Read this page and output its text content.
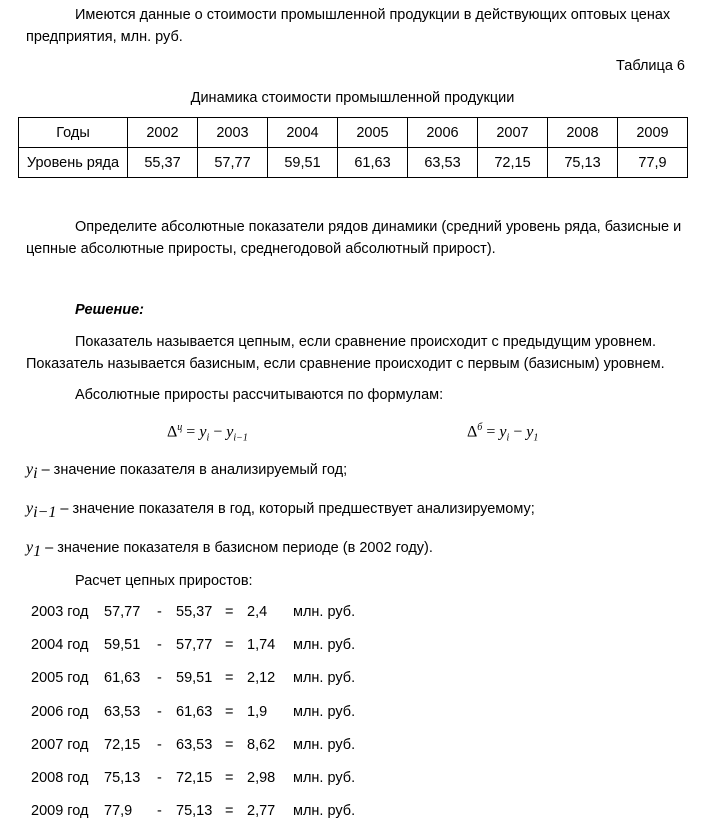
Имеются данные о стоимости промышленной продукции в действующих оптовых ценах предприятия, млн. руб.
Таблица 6
Динамика стоимости промышленной продукции
Годы	2002	2003	2004	2005	2006	2007	2008	2009
Уровень ряда	55,37	57,77	59,51	61,63	63,53	72,15	75,13	77,9
Определите абсолютные показатели рядов динамики (средний уровень ряда, базисные и цепные абсолютные приросты, среднегодовой абсолютный прирост).
Решение:
Показатель называется цепным, если сравнение происходит с предыдущим уровнем. Показатель называется базисным, если сравнение происходит с первым (базисным) уровнем.
Абсолютные приросты рассчитываются по формулам:
$\Delta^ц = y_i - y_{i-1}$	$\Delta^б = y_i - y_1$
$y_i$ – значение показателя в анализируемый год;
$y_{i-1}$ – значение показателя в год, который предшествует анализируемому;
$y_1$ – значение показателя в базисном периоде (в 2002 году).
Расчет цепных приростов:
2003 год 57,77 - 55,37 = 2,4 млн. руб.
2004 год 59,51 - 57,77 = 1,74 млн. руб.
2005 год 61,63 - 59,51 = 2,12 млн. руб.
2006 год 63,53 - 61,63 = 1,9 млн. руб.
2007 год 72,15 - 63,53 = 8,62 млн. руб.
2008 год 75,13 - 72,15 = 2,98 млн. руб.
2009 год 77,9 - 75,13 = 2,77 млн. руб.
